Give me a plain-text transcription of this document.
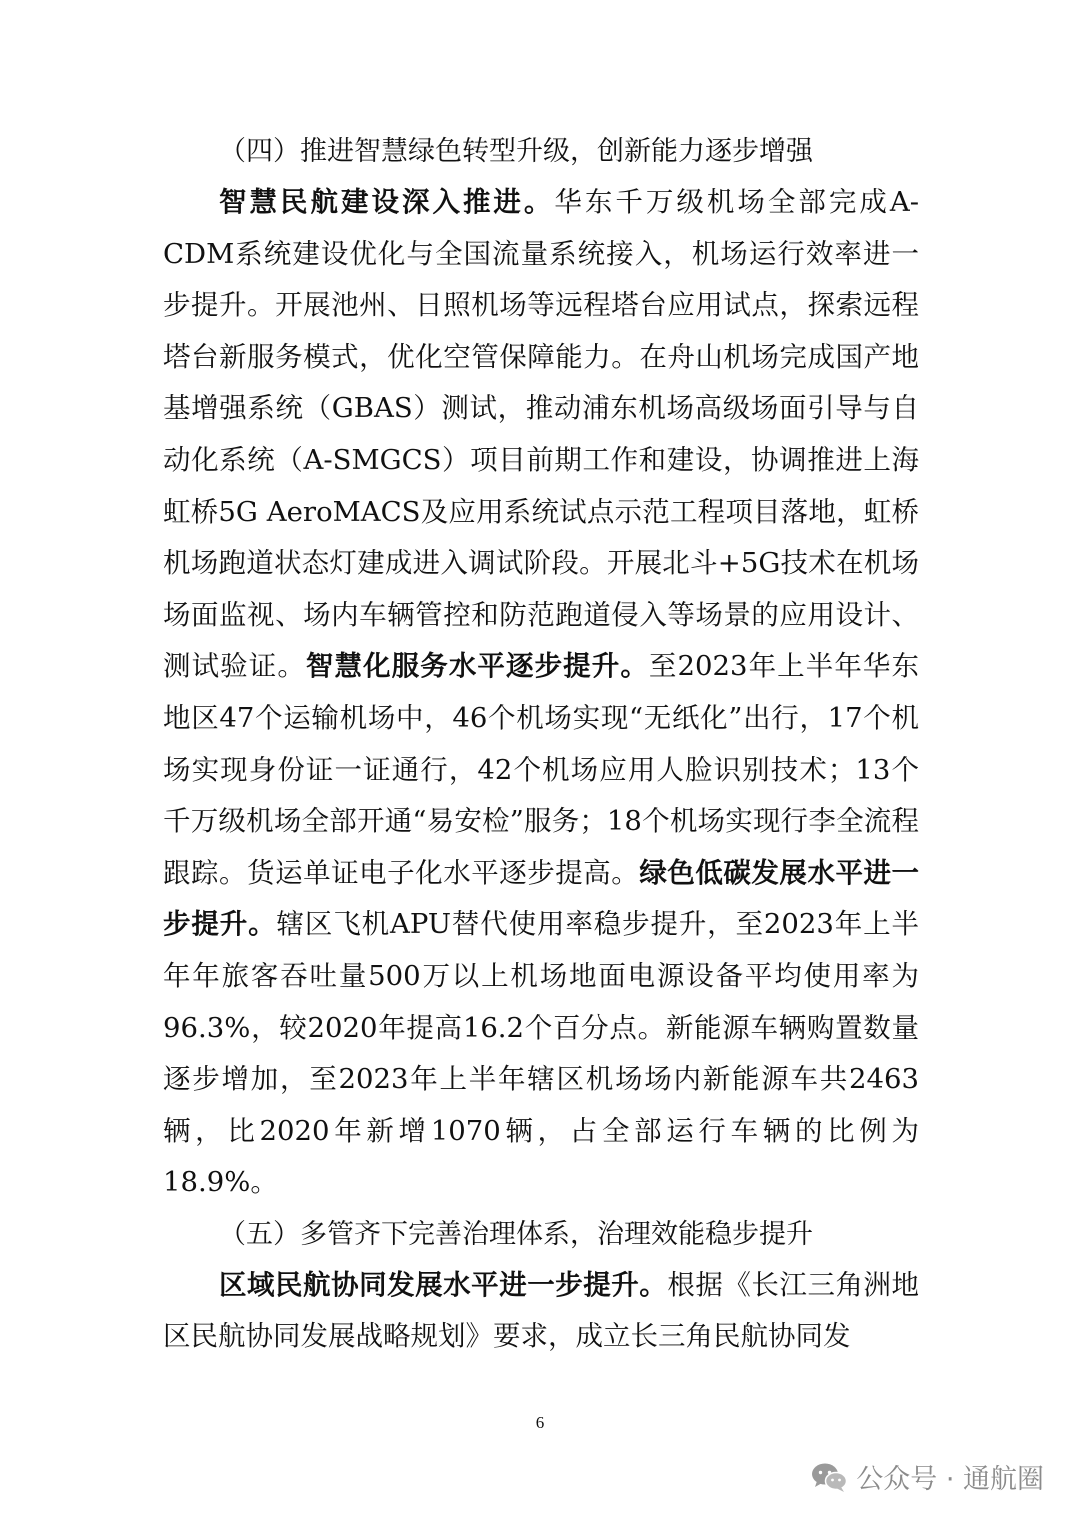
（四）推进智慧绿色转型升级，创新能力逐步增强

智慧民航建设深入推进。华东千万级机场全部完成A-CDM系统建设优化与全国流量系统接入，机场运行效率进一步提升。开展池州、日照机场等远程塔台应用试点，探索远程塔台新服务模式，优化空管保障能力。在舟山机场完成国产地基增强系统（GBAS）测试，推动浦东机场高级场面引导与自动化系统（A-SMGCS）项目前期工作和建设，协调推进上海虹桥5G AeroMACS及应用系统试点示范工程项目落地，虹桥机场跑道状态灯建成进入调试阶段。开展北斗+5G技术在机场场面监视、场内车辆管控和防范跑道侵入等场景的应用设计、测试验证。智慧化服务水平逐步提升。至2023年上半年华东地区47个运输机场中，46个机场实现“无纸化”出行，17个机场实现身份证一证通行，42个机场应用人脸识别技术；13个千万级机场全部开通“易安检”服务；18个机场实现行李全流程跟踪。货运单证电子化水平逐步提高。绿色低碳发展水平进一步提升。辖区飞机APU替代使用率稳步提升，至2023年上半年年旅客吞吐量500万以上机场地面电源设备平均使用率为96.3%，较2020年提高16.2个百分点。新能源车辆购置数量逐步增加，至2023年上半年辖区机场场内新能源车共2463辆，比2020年新增1070辆，占全部运行车辆的比例为18.9%。

（五）多管齐下完善治理体系，治理效能稳步提升

区域民航协同发展水平进一步提升。根据《长江三角洲地区民航协同发展战略规划》要求，成立长三角民航协同发

6
公众号 · 通航圈
